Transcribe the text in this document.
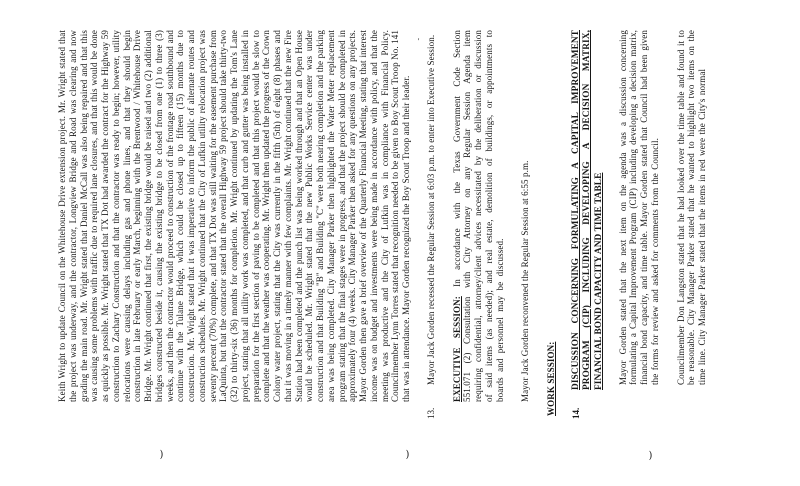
)	)	)
′

Keith Wright to update Council on the Whitehouse Drive extension project. Mr. Wright stated that the project was underway, and the contractor, Longview Bridge and Road was clearing and now grading the main road. Mr. Wright stated that Daniel McCall was also being repaired and that this was causing some problems with traffic due to required lane closures, and that this would be done as quickly as possible. Mr. Wright stated that TX Dot had awarded the contract for the Highway 59 construction to Zachary Construction and that the contractor was ready to begin; however, utility relocations were causing delays including gas and phone lines, and that they should begin construction in late February or early March, beginning with the Brentwood / Whitehouse Drive Bridge. Mr. Wright continued that first, the existing bridge would be raised and two (2) additional bridges constructed beside it, causing the existing bridge to be closed from one (1) to three (3) weeks, and then the contractor would proceed to construction of the frontage road southbound and continue with the Tulane Bridge, which could be closed up to fifteen (15) months due to construction. Mr. Wright stated that it was imperative to inform the public of alternate routes and construction schedules. Mr. Wright continued that the City of Lufkin utility relocation project was seventy percent (70%) complete, and that TX Dot was still waiting for the easement purchase from LaQuinta, but that the contractor stated that the overall Highway 59 project should take thirty-two (32) to thirty-six (36) months for completion. Mr. Wright continued by updating the Tom's Lane project, stating that all utility work was completed, and that curb and gutter was being installed in preparation for the first section of paving to be completed and that this project would be slow to complete and that the weather was cooperating. Mr. Wright then updated the progress of the Crown Colony water project, stating that the City was currently in the fifth (5th) of eight (8) phases and that it was moving in a timely manner with few complaints. Mr. Wright continued that the new Fire Station had been completed and the punch list was being worked through and that an Open House would be scheduled. Mr. Wright stated that the new Public Works Service center was under construction and that Building "B" and Building "C" were both nearing completion and the parking area was being completed. City Manager Parker then highlighted the Water Meter replacement program stating that the final stages were in progress, and that the project should be completed in approximately four (4) weeks. City Manager Parker then asked for any questions on any projects. Mayor Gorden then gave a brief overview of the Quarterly Financial Meeting, stating that interest income was on budget and investments were being made in accordance with policy, and that the meeting was productive and the City of Lufkin was in compliance with Financial Policy. Councilmember Lynn Torres stated that recognition needed to be given to Boy Scout Troop No. 141 that was in attendance. Mayor Gorden recognized the Boy Scout Troop and their leader.

13.

Mayor Jack Gorden recessed the Regular Session at 6:03 p.m. to enter into Executive Session. EXECUTIVE SESSION: In accordance with the Texas Government Code Section 551.071 (2) Consultation with City Attorney on any Regular Session Agenda item requiring confidential, attorney/client advices necessitated by the deliberation or discussion of said items (as needed); and real estate, demolition of buildings, or appointments to boards and personnel may be discussed. Mayor Jack Gorden reconvened the Regular Session at 6:55 p.m. WORK SESSION: 14.
DISCUSSION CONCERNING FORMULATING A CAPITAL IMPROVEMENT PROGRAM (CIP) INCLUDING DEVELOPING A DECISION MATRIX, FINANCIAL BOND CAPACITY AND TIME TABLE Mayor Gorden stated that the next item on the agenda was a discussion concerning formulating a Capital Improvement Program (CIP) including developing a decision matrix, financial bond capacity, and time table. Mayor Gorden stated that Council had been given the forms for review and asked for comments from the Council. Councilmember Don Langston stated that he had looked over the time table and found it to be reasonable. City Manager Parker stated that he wanted to highlight two items on the time line. City Manager Parker stated that the items in red were the City's normal
